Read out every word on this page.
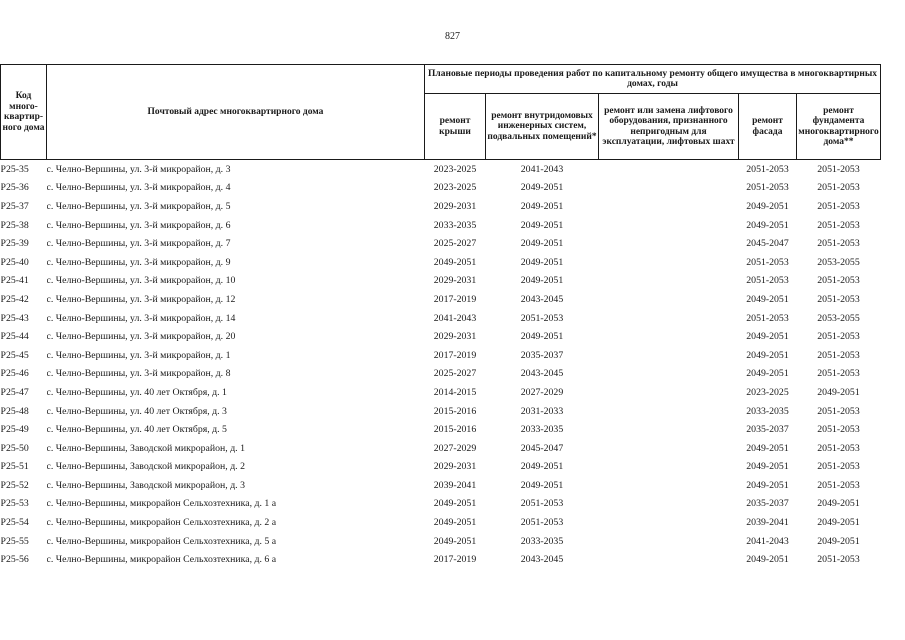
827
Код много-квартир-ного дома	Почтовый адрес многоквартирного дома	Плановые периоды проведения работ по капитальному ремонту общего имущества в многоквартирных домах, годы				
		ремонт крыши	ремонт внутридомовых инженерных систем, подвальных помещений*	ремонт или замена лифтового оборудования, признанного непригодным для эксплуатации, лифтовых шахт	ремонт фасада	ремонт фундамента многоквартирного дома**
Р25-35	с. Челно-Вершины, ул. 3-й микрорайон, д. 3	2023-2025	2041-2043		2051-2053	2051-2053
Р25-36	с. Челно-Вершины, ул. 3-й микрорайон, д. 4	2023-2025	2049-2051		2051-2053	2051-2053
Р25-37	с. Челно-Вершины, ул. 3-й микрорайон, д. 5	2029-2031	2049-2051		2049-2051	2051-2053
Р25-38	с. Челно-Вершины, ул. 3-й микрорайон, д. 6	2033-2035	2049-2051		2049-2051	2051-2053
Р25-39	с. Челно-Вершины, ул. 3-й микрорайон, д. 7	2025-2027	2049-2051		2045-2047	2051-2053
Р25-40	с. Челно-Вершины, ул. 3-й микрорайон, д. 9	2049-2051	2049-2051		2051-2053	2053-2055
Р25-41	с. Челно-Вершины, ул. 3-й микрорайон, д. 10	2029-2031	2049-2051		2051-2053	2051-2053
Р25-42	с. Челно-Вершины, ул. 3-й микрорайон, д. 12	2017-2019	2043-2045		2049-2051	2051-2053
Р25-43	с. Челно-Вершины, ул. 3-й микрорайон, д. 14	2041-2043	2051-2053		2051-2053	2053-2055
Р25-44	с. Челно-Вершины, ул. 3-й микрорайон, д. 20	2029-2031	2049-2051		2049-2051	2051-2053
Р25-45	с. Челно-Вершины, ул. 3-й микрорайон, д. 1	2017-2019	2035-2037		2049-2051	2051-2053
Р25-46	с. Челно-Вершины, ул. 3-й микрорайон, д. 8	2025-2027	2043-2045		2049-2051	2051-2053
Р25-47	с. Челно-Вершины, ул. 40 лет Октября, д. 1	2014-2015	2027-2029		2023-2025	2049-2051
Р25-48	с. Челно-Вершины, ул. 40 лет Октября, д. 3	2015-2016	2031-2033		2033-2035	2051-2053
Р25-49	с. Челно-Вершины, ул. 40 лет Октября, д. 5	2015-2016	2033-2035		2035-2037	2051-2053
Р25-50	с. Челно-Вершины, Заводской микрорайон, д. 1	2027-2029	2045-2047		2049-2051	2051-2053
Р25-51	с. Челно-Вершины, Заводской микрорайон, д. 2	2029-2031	2049-2051		2049-2051	2051-2053
Р25-52	с. Челно-Вершины, Заводской микрорайон, д. 3	2039-2041	2049-2051		2049-2051	2051-2053
Р25-53	с. Челно-Вершины, микрорайон Сельхозтехника, д. 1 а	2049-2051	2051-2053		2035-2037	2049-2051
Р25-54	с. Челно-Вершины, микрорайон Сельхозтехника, д. 2 а	2049-2051	2051-2053		2039-2041	2049-2051
Р25-55	с. Челно-Вершины, микрорайон Сельхозтехника, д. 5 а	2049-2051	2033-2035		2041-2043	2049-2051
Р25-56	с. Челно-Вершины, микрорайон Сельхозтехника, д. 6 а	2017-2019	2043-2045		2049-2051	2051-2053
